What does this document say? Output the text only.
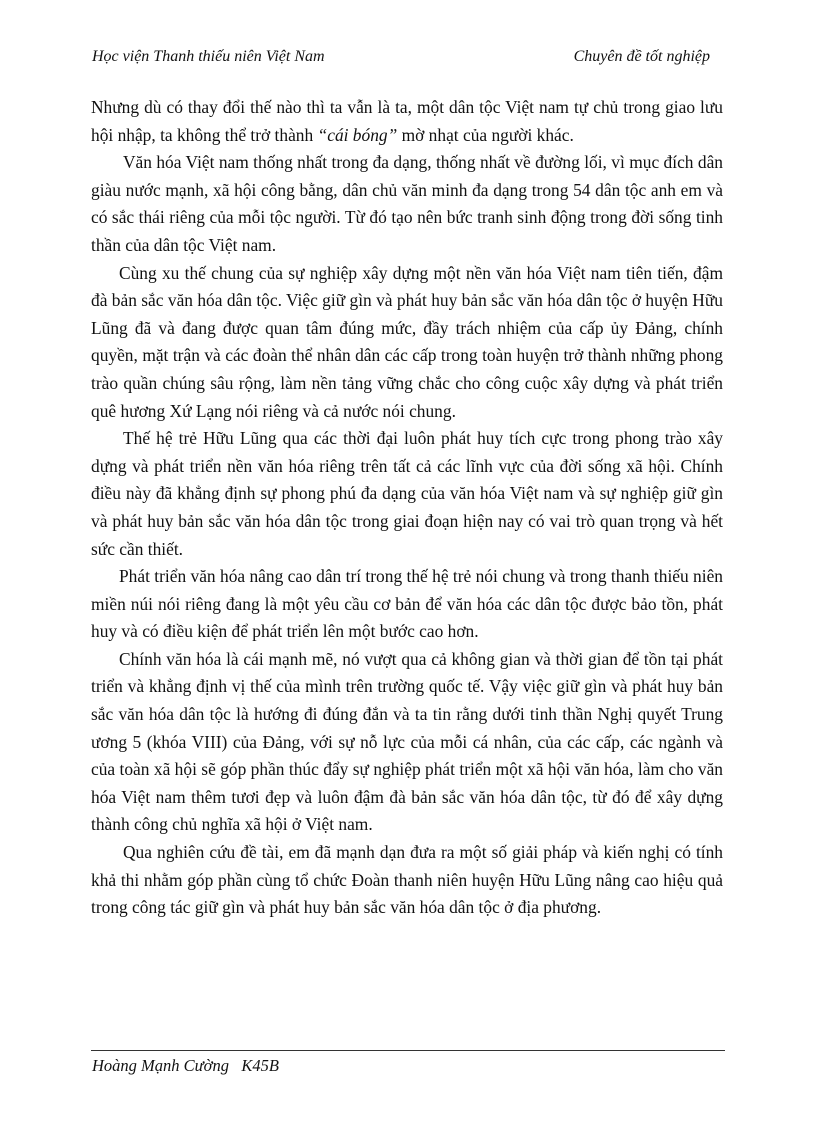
Học viện Thanh thiếu niên Việt Nam	Chuyên đề tốt nghiệp

Nhưng dù có thay đổi thế nào thì ta vẫn là ta, một dân tộc Việt nam tự chủ trong giao lưu hội nhập, ta không thể trở thành “cái bóng” mờ nhạt của người khác.

Văn hóa Việt nam thống nhất trong đa dạng, thống nhất về đường lối, vì mục đích dân giàu nước mạnh, xã hội công bằng, dân chủ văn minh đa dạng trong 54 dân tộc anh em và có sắc thái riêng của mỗi tộc người. Từ đó tạo nên bức tranh sinh động trong đời sống tinh thần của dân tộc Việt nam.

Cùng xu thế chung của sự nghiệp xây dựng một nền văn hóa Việt nam tiên tiến, đậm đà bản sắc văn hóa dân tộc. Việc giữ gìn và phát huy bản sắc văn hóa dân tộc ở huyện Hữu Lũng đã và đang được quan tâm đúng mức, đầy trách nhiệm của cấp ủy Đảng, chính quyền, mặt trận và các đoàn thể nhân dân các cấp trong toàn huyện trở thành những phong trào quần chúng sâu rộng, làm nền tảng vững chắc cho công cuộc xây dựng và phát triển quê hương Xứ Lạng nói riêng và cả nước nói chung.

Thế hệ trẻ Hữu Lũng qua các thời đại luôn phát huy tích cực trong phong trào xây dựng và phát triển nền văn hóa riêng trên tất cả các lĩnh vực của đời sống xã hội. Chính điều này đã khẳng định sự phong phú đa dạng của văn hóa Việt nam và sự nghiệp giữ gìn và phát huy bản sắc văn hóa dân tộc trong giai đoạn hiện nay có vai trò quan trọng và hết sức cần thiết.

Phát triển văn hóa nâng cao dân trí trong thế hệ trẻ nói chung và trong thanh thiếu niên miền núi nói riêng đang là một yêu cầu cơ bản để văn hóa các dân tộc được bảo tồn, phát huy và có điều kiện để phát triển lên một bước cao hơn.

Chính văn hóa là cái mạnh mẽ, nó vượt qua cả không gian và thời gian để tồn tại phát triển và khẳng định vị thế của mình trên trường quốc tế. Vậy việc giữ gìn và phát huy bản sắc văn hóa dân tộc là hướng đi đúng đắn và ta tin rằng dưới tinh thần Nghị quyết Trung ương 5 (khóa VIII) của Đảng, với sự nỗ lực của mỗi cá nhân, của các cấp, các ngành và của toàn xã hội sẽ góp phần thúc đẩy sự nghiệp phát triển một xã hội văn hóa, làm cho văn hóa Việt nam thêm tươi đẹp và luôn đậm đà bản sắc văn hóa dân tộc, từ đó để xây dựng thành công chủ nghĩa xã hội ở Việt nam.

Qua nghiên cứu đề tài, em đã mạnh dạn đưa ra một số giải pháp và kiến nghị có tính khả thi nhằm góp phần cùng tổ chức Đoàn thanh niên huyện Hữu Lũng nâng cao hiệu quả trong công tác giữ gìn và phát huy bản sắc văn hóa dân tộc ở địa phương.

Hoàng Mạnh Cường   K45B
